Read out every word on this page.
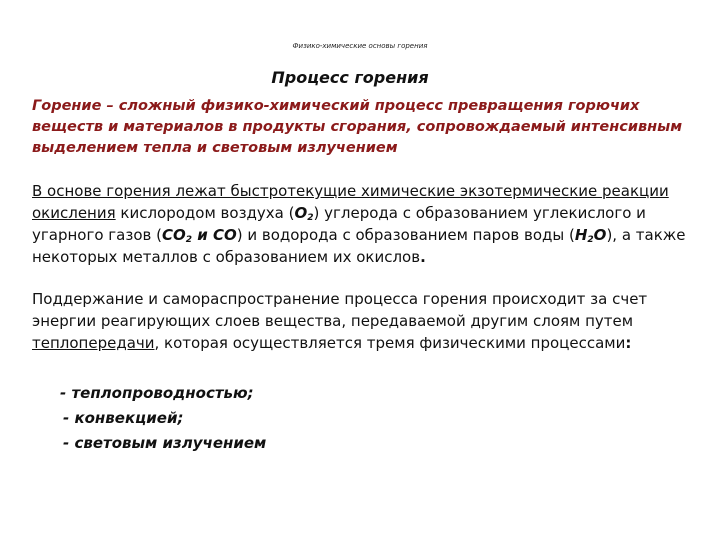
Физико-химические основы горения
Процесс горения
Горение – сложный физико-химический процесс превращения горючих веществ и материалов в продукты сгорания, сопровождаемый интенсивным выделением тепла и световым излучением
В основе горения лежат быстротекущие химические экзотермические реакции окисления кислородом воздуха $(О_2)$ углерода с образованием углекислого и угарного газов ($СО_2$ и СО) и водорода с образованием паров воды $(Н_2О)$, а также некоторых металлов с образованием их окислов.
Поддержание и самораспространение процесса горения происходит за счет энергии реагирующих слоев вещества, передаваемой другим слоям путем теплопередачи, которая осуществляется тремя физическими процессами:
- теплопроводностью;
- конвекцией;
- световым излучением
